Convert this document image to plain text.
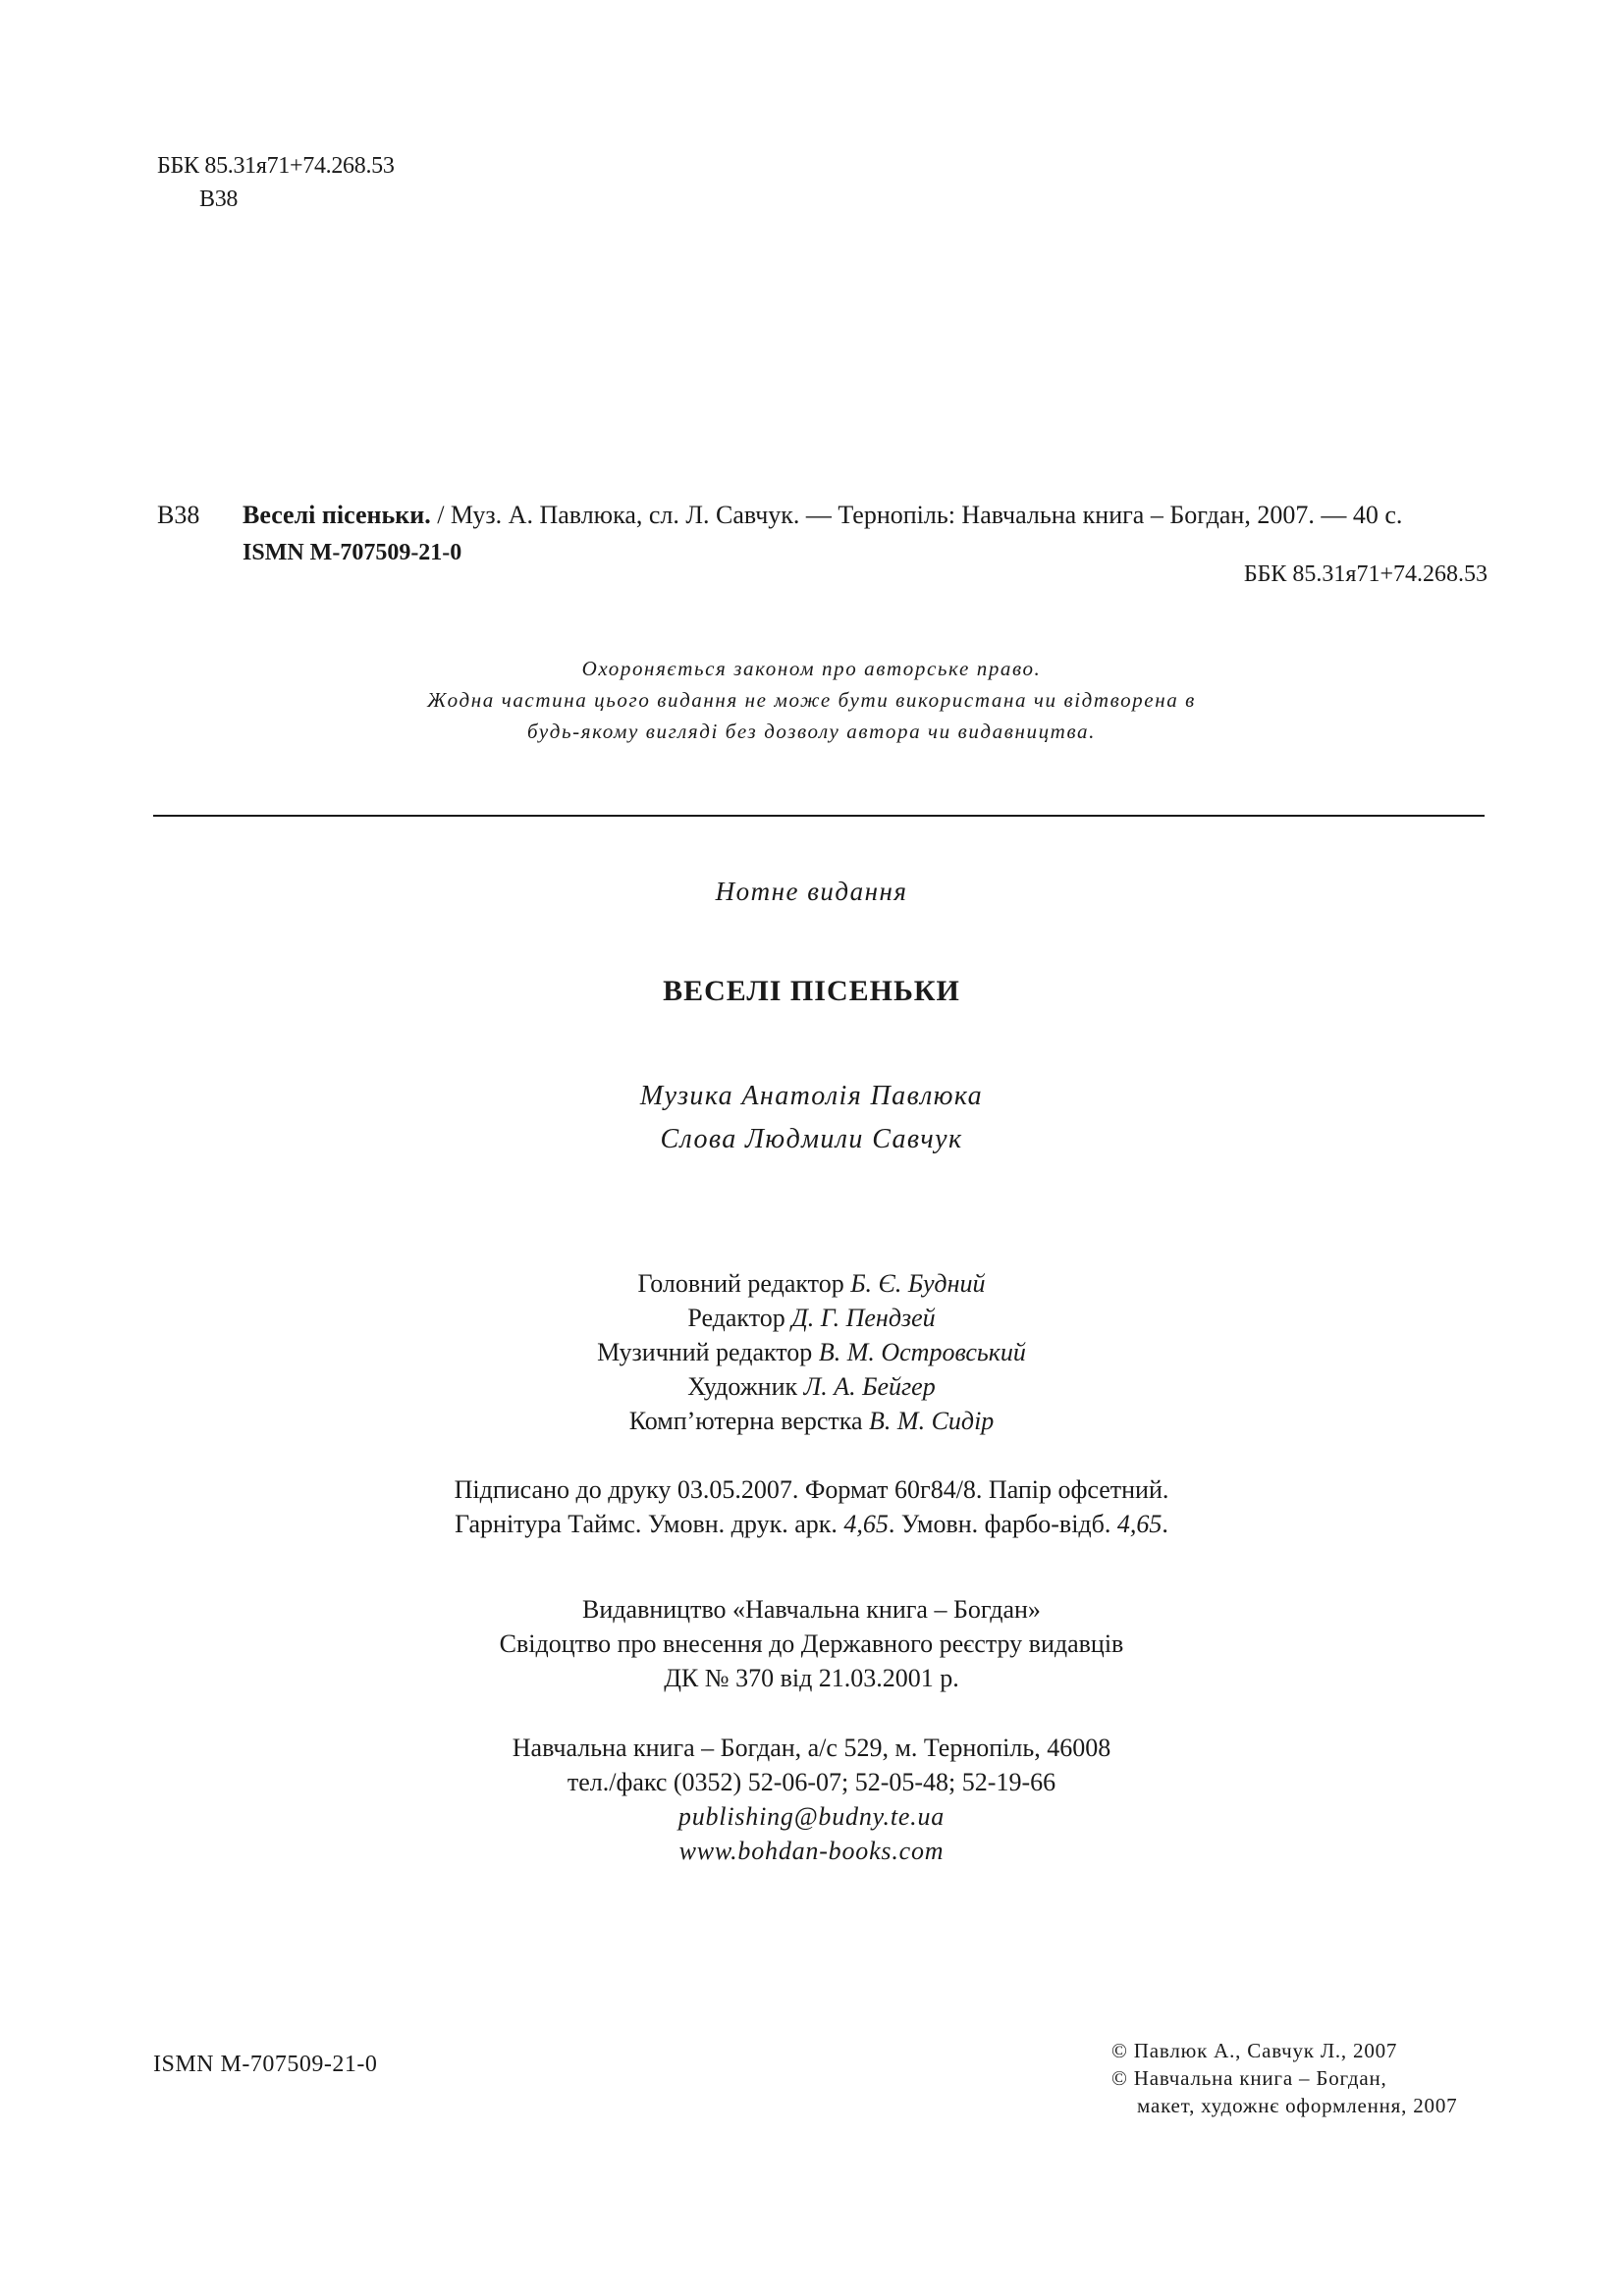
ББК 85.31я71+74.268.53
В38
В38 Веселі пісеньки. / Муз. А. Павлюка, сл. Л. Савчук. — Тернопіль: Навчальна книга – Богдан, 2007. — 40 с.
ISMN М-707509-21-0
ББК 85.31я71+74.268.53
Охороняється законом про авторське право.
Жодна частина цього видання не може бути використана чи відтворена в
будь-якому вигляді без дозволу автора чи видавництва.
Нотне видання
ВЕСЕЛІ ПІСЕНЬКИ
Музика Анатолія Павлюка
Слова Людмили Савчук
Головний редактор Б. Є. Будний
Редактор Д. Г. Пендзей
Музичний редактор В. М. Островський
Художник Л. А. Бейгер
Комп’ютерна верстка В. М. Сидір
Підписано до друку 03.05.2007. Формат 60г84/8. Папір офсетний.
Гарнітура Таймс. Умовн. друк. арк. 4,65. Умовн. фарбо-відб. 4,65.
Видавництво «Навчальна книга – Богдан»
Свідоцтво про внесення до Державного реєстру видавців
ДК № 370 від 21.03.2001 р.
Навчальна книга – Богдан, а/с 529, м. Тернопіль, 46008
тел./факс (0352) 52-06-07; 52-05-48; 52-19-66
publishing@budny.te.ua
www.bohdan-books.com
ISMN М-707509-21-0
© Павлюк А., Савчук Л., 2007
© Навчальна книга – Богдан,
макет, художнє оформлення, 2007
